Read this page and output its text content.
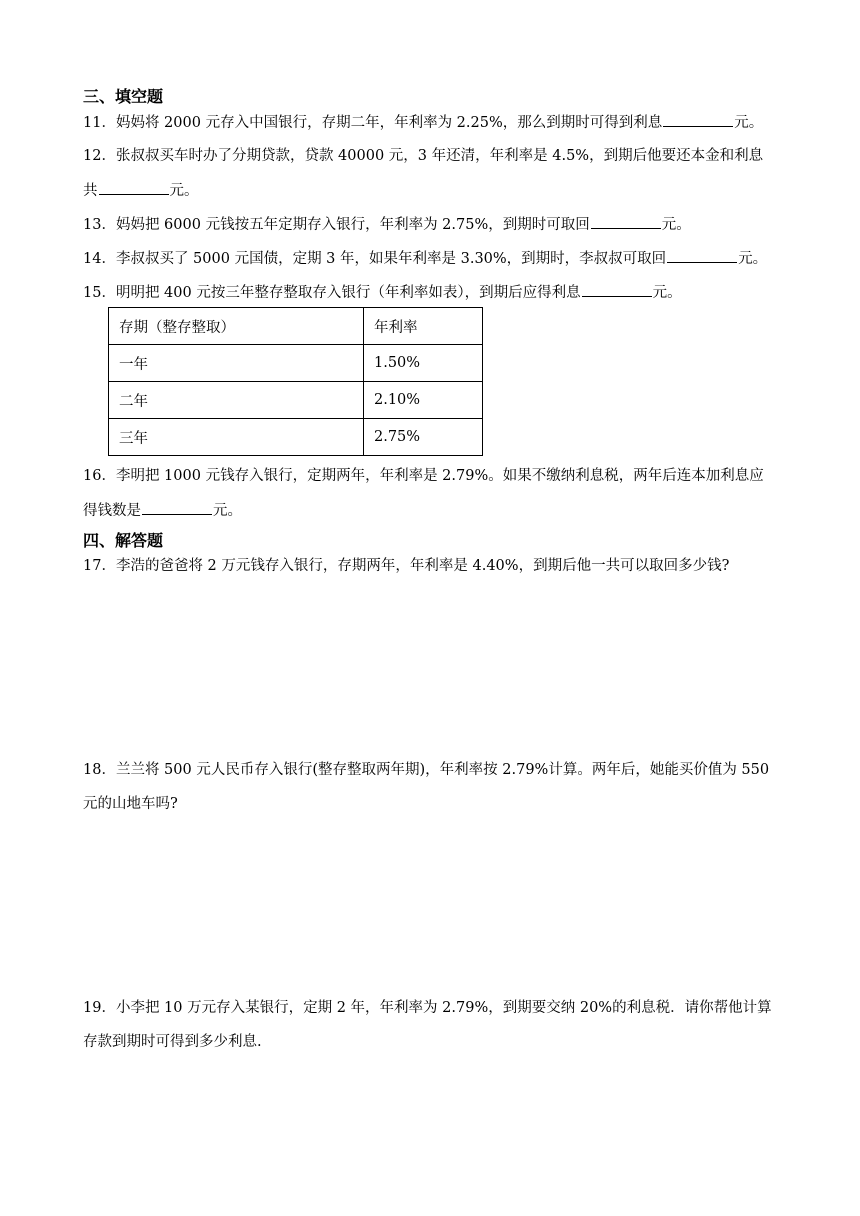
三、填空题
11．妈妈将 2000 元存入中国银行，存期二年，年利率为 2.25%，那么到期时可得到利息	元。
12．张叔叔买车时办了分期贷款，贷款 40000 元，3 年还清，年利率是 4.5%，到期后他要还本金和利息
共	元。
13．妈妈把 6000 元钱按五年定期存入银行，年利率为 2.75%，到期时可取回	元。
14．李叔叔买了 5000 元国债，定期 3 年，如果年利率是 3.30%，到期时，李叔叔可取回	元。
15．明明把 400 元按三年整存整取存入银行（年利率如表），到期后应得利息	元。
存期（整存整取）	年利率
一年	1.50%
二年	2.10%
三年	2.75%
16．李明把 1000 元钱存入银行，定期两年，年利率是 2.79%。如果不缴纳利息税，两年后连本加利息应
得钱数是	元。
四、解答题
17．李浩的爸爸将 2 万元钱存入银行，存期两年，年利率是 4.40%，到期后他一共可以取回多少钱?
18．兰兰将 500 元人民币存入银行(整存整取两年期)，年利率按 2.79%计算。两年后，她能买价值为 550
元的山地车吗?
19．小李把 10 万元存入某银行，定期 2 年，年利率为 2.79%，到期要交纳 20%的利息税．请你帮他计算
存款到期时可得到多少利息.
